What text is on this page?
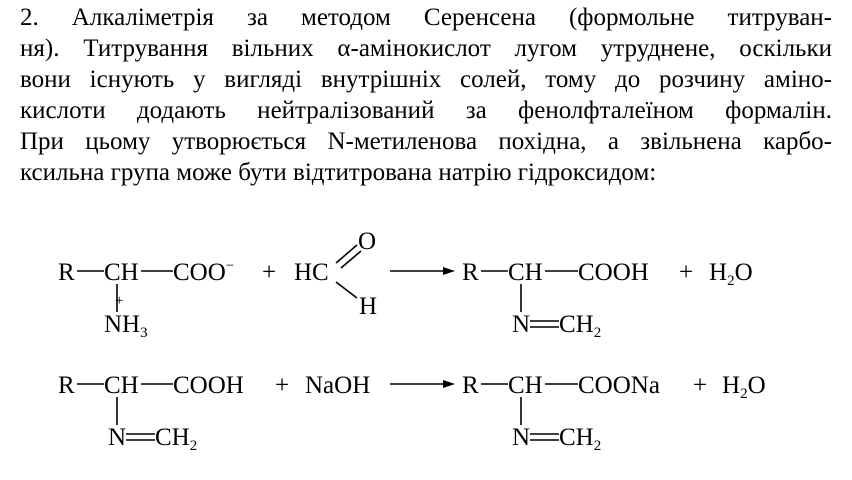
2. Алкаліметрія за методом Серенсена (формольне титруван-
ня). Титрування вільних α-амінокислот лугом утруднене, оскільки
вони існують у вигляді внутрішніх солей, тому до розчину аміно-
кислоти додають нейтралізований за фенолфталеїном формалін.
При цьому утворюється N-метиленова похідна, а звільнена карбо-
ксильна група може бути відтитрована натрію гідроксидом:
R CH COO− + HC
O
H
+
$NH_3$
R CH COOH + $H_2O$
N $CH_2$
R CH COOH + NaOH
N $CH_2$
R CH COONa + $H_2O$
N $CH_2$
